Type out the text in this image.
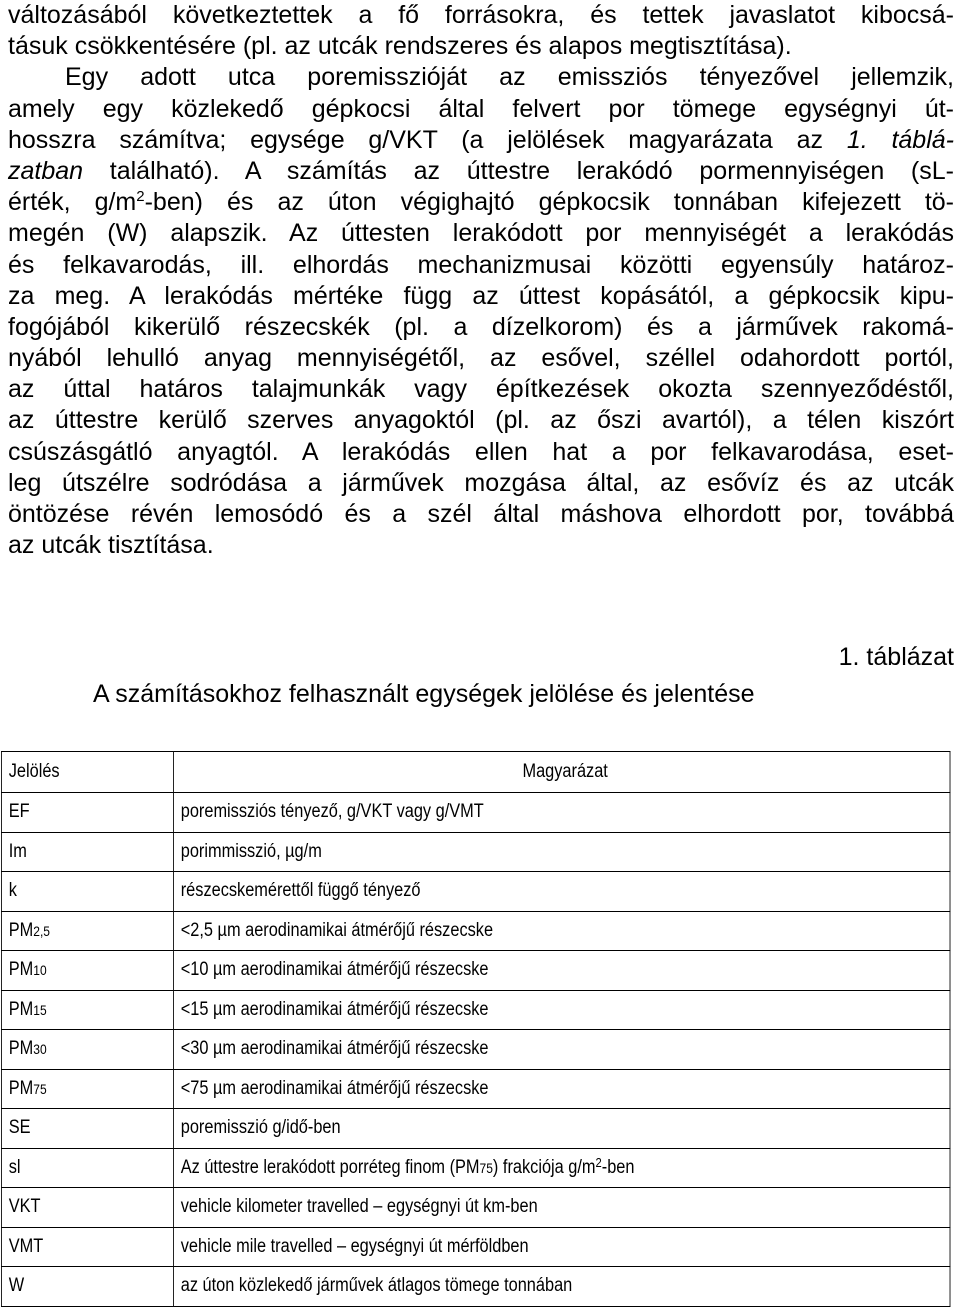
változásából következtettek a fő forrásokra, és tettek javaslatot kibocsá-
tásuk csökkentésére (pl. az utcák rendszeres és alapos megtisztítása).
Egy adott utca poremisszióját az emissziós tényezővel jellemzik,
amely egy közlekedő gépkocsi által felvert por tömege egységnyi út-
hosszra számítva; egysége g/VKT (a jelölések magyarázata az 1. táblá-
zatban található). A számítás az úttestre lerakódó pormennyiségen (sL-
érték, $g/m^2-ben$) és az úton végighajtó gépkocsik tonnában kifejezett tö-
megén (W) alapszik. Az úttesten lerakódott por mennyiségét a lerakódás
és felkavarodás, ill. elhordás mechanizmusai közötti egyensúly határoz-
za meg. A lerakódás mértéke függ az úttest kopásától, a gépkocsik kipu-
fogójából kikerülő részecskék (pl. a dízelkorom) és a járművek rakomá-
nyából lehulló anyag mennyiségétől, az esővel, széllel odahordott portól,
az úttal határos talajmunkák vagy építkezések okozta szennyeződéstől,
az úttestre kerülő szerves anyagoktól (pl. az őszi avartól), a télen kiszórt
csúszásgátló anyagtól. A lerakódás ellen hat a por felkavarodása, eset-
leg útszélre sodródása a járművek mozgása által, az esővíz és az utcák
öntözése révén lemosódó és a szél által máshova elhordott por, továbbá
az utcák tisztítása.
1. táblázat
A számításokhoz felhasznált egységek jelölése és jelentése
Jelölés	Magyarázat
EF	poremissziós tényező, g/VKT vagy g/VMT
Im	porimmisszió, µg/m
k	részecskemérettől függő tényező
PM2,5	<2,5 µm aerodinamikai átmérőjű részecske
PM10	<10 µm aerodinamikai átmérőjű részecske
PM15	<15 µm aerodinamikai átmérőjű részecske
PM30	<30 µm aerodinamikai átmérőjű részecske
PM75	<75 µm aerodinamikai átmérőjű részecske
SE	poremisszió g/idő-ben
sl	Az úttestre lerakódott porréteg finom (PM75) frakciója $g/m^2$-ben
VKT	vehicle kilometer travelled – egységnyi út km-ben
VMT	vehicle mile travelled – egységnyi út mérföldben
W	az úton közlekedő járművek átlagos tömege tonnában
